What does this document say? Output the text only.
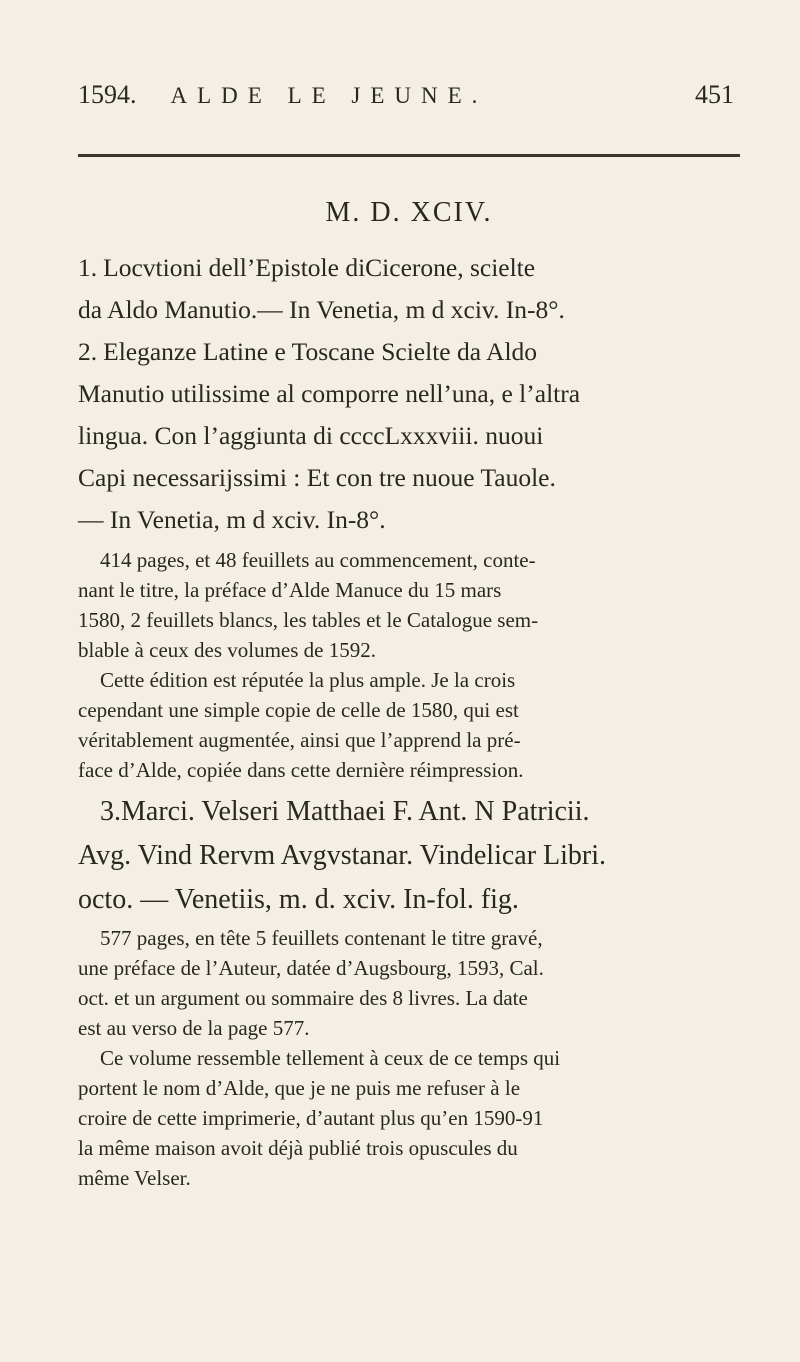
1594. ALDE LE JEUNE.	451
M. D. XCIV.

1. Locvtioni dell’Epistole diCicerone, scielte

da Aldo Manutio.— In Venetia, m d xciv. In-8°.

2. Eleganze Latine e Toscane Scielte da Aldo

Manutio utilissime al comporre nell’una, e l’altra

lingua. Con l’aggiunta di ccccLxxxviii. nuoui

Capi necessarijssimi : Et con tre nuoue Tauole.

— In Venetia, m d xciv. In-8°.

414 pages, et 48 feuillets au commencement, conte-

nant le titre, la préface d’Alde Manuce du 15 mars

1580, 2 feuillets blancs, les tables et le Catalogue sem-

blable à ceux des volumes de 1592.

Cette édition est réputée la plus ample. Je la crois

cependant une simple copie de celle de 1580, qui est

véritablement augmentée, ainsi que l’apprend la pré-

face d’Alde, copiée dans cette dernière réimpression.

3.Marci. Velseri Matthaei F. Ant. N Patricii.

Avg. Vind Rervm Avgvstanar. Vindelicar Libri.

octo. — Venetiis, m. d. xciv. In-fol. fig.

577 pages, en tête 5 feuillets contenant le titre gravé,

une préface de l’Auteur, datée d’Augsbourg, 1593, Cal.

oct. et un argument ou sommaire des 8 livres. La date

est au verso de la page 577.

Ce volume ressemble tellement à ceux de ce temps qui

portent le nom d’Alde, que je ne puis me refuser à le

croire de cette imprimerie, d’autant plus qu’en 1590-91

la même maison avoit déjà publié trois opuscules du

même Velser.
